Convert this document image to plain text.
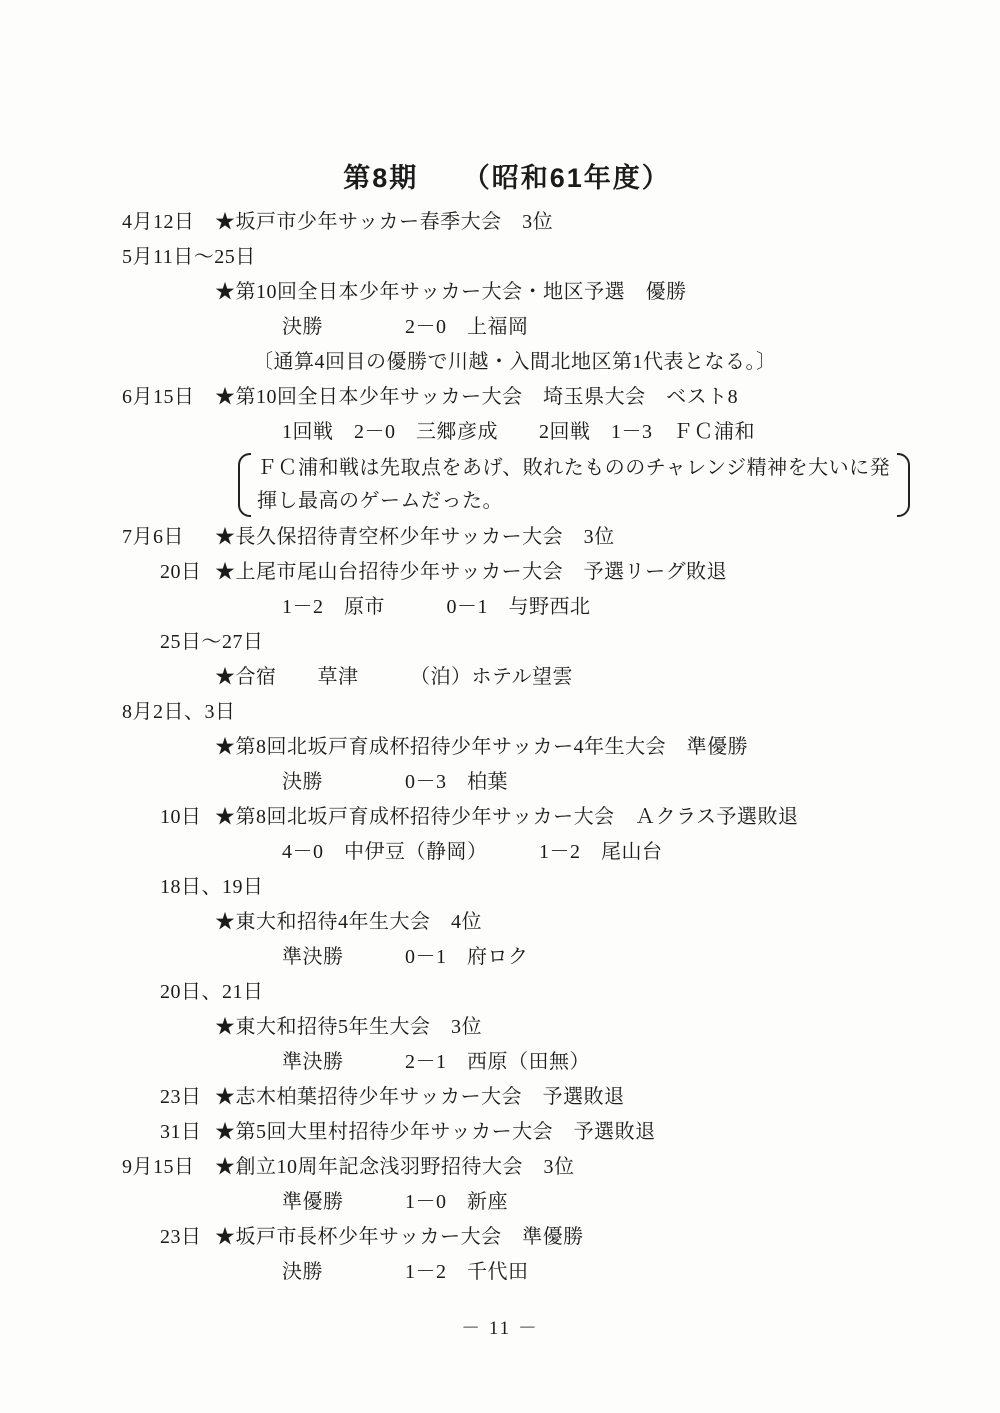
第8期　　（昭和61年度）
4月12日 ★坂戸市少年サッカー春季大会　3位
5月11日～25日
★第10回全日本少年サッカー大会・地区予選　優勝
決勝　　　　2－0　上福岡
〔通算4回目の優勝で川越・入間北地区第1代表となる。〕
6月15日 ★第10回全日本少年サッカー大会　埼玉県大会　ベスト8
1回戦　2－0　三郷彦成　　2回戦　1－3　ＦＣ浦和
ＦＣ浦和戦は先取点をあげ、敗れたもののチャレンジ精神を大いに発
揮し最高のゲームだった。
7月6日 ★長久保招待青空杯少年サッカー大会　3位
20日 ★上尾市尾山台招待少年サッカー大会　予選リーグ敗退
1－2　原市　　　0－1　与野西北
25日～27日
★合宿　　草津　　　（泊）ホテル望雲
8月2日、3日
★第8回北坂戸育成杯招待少年サッカー4年生大会　準優勝
決勝　　　　0－3　柏葉
10日 ★第8回北坂戸育成杯招待少年サッカー大会　Ａクラス予選敗退
4－0　中伊豆（静岡）　　　1－2　尾山台
18日、19日
★東大和招待4年生大会　4位
準決勝　　　0－1　府ロク
20日、21日
★東大和招待5年生大会　3位
準決勝　　　2－1　西原（田無）
23日 ★志木柏葉招待少年サッカー大会　予選敗退
31日 ★第5回大里村招待少年サッカー大会　予選敗退
9月15日 ★創立10周年記念浅羽野招待大会　3位
準優勝　　　1－0　新座
23日 ★坂戸市長杯少年サッカー大会　準優勝
決勝　　　　1－2　千代田
－ 11 －
